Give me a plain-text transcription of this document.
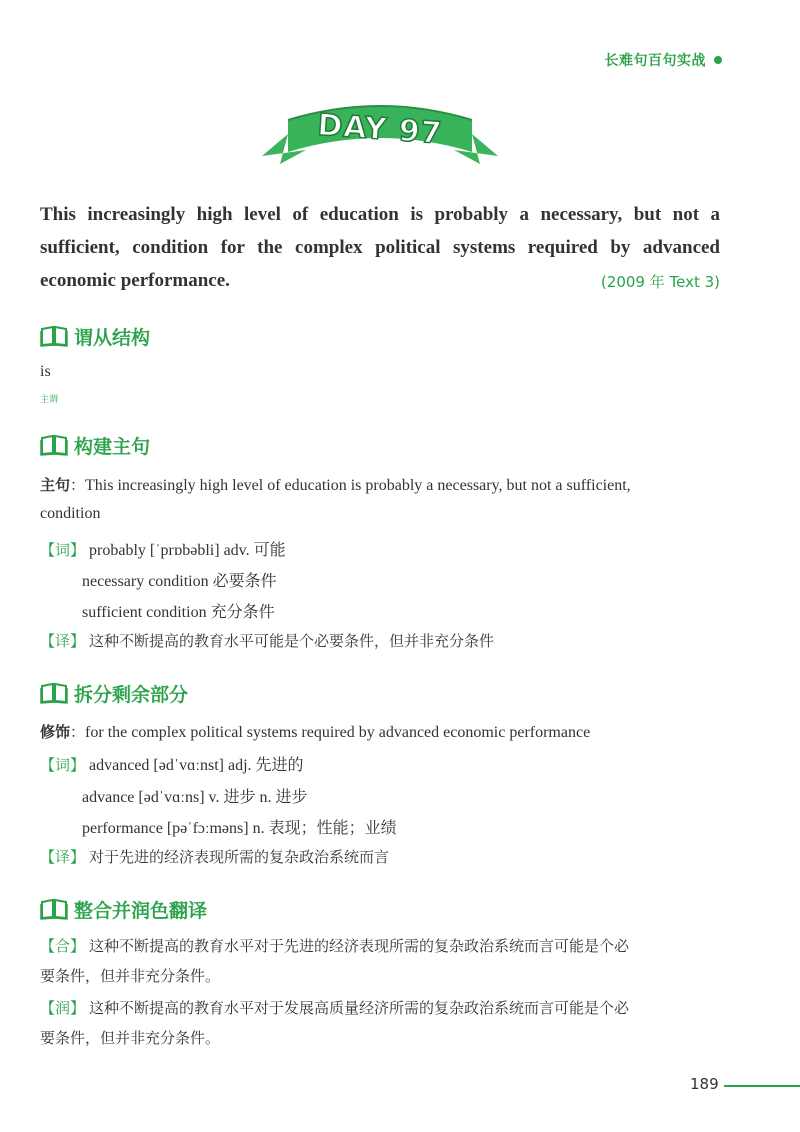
长难句百句实战
DAY 97
This increasingly high level of education is probably a necessary, but not a sufficient, condition for the complex political systems required by advanced economic performance.	(2009 年 Text 3)
谓从结构
is
主谓
构建主句
主句：This increasingly high level of education is probably a necessary, but not a sufficient,
condition
【词】 probably [ˈprɒbəbli] adv. 可能
necessary condition 必要条件
sufficient condition 充分条件
【译】 这种不断提高的教育水平可能是个必要条件，但并非充分条件
拆分剩余部分
修饰：for the complex political systems required by advanced economic performance
【词】 advanced [ədˈvɑːnst] adj. 先进的
advance [ədˈvɑːns] v. 进步 n. 进步
performance [pəˈfɔːməns] n. 表现；性能；业绩
【译】 对于先进的经济表现所需的复杂政治系统而言
整合并润色翻译
【合】 这种不断提高的教育水平对于先进的经济表现所需的复杂政治系统而言可能是个必
要条件，但并非充分条件。
【润】 这种不断提高的教育水平对于发展高质量经济所需的复杂政治系统而言可能是个必
要条件，但并非充分条件。
189
